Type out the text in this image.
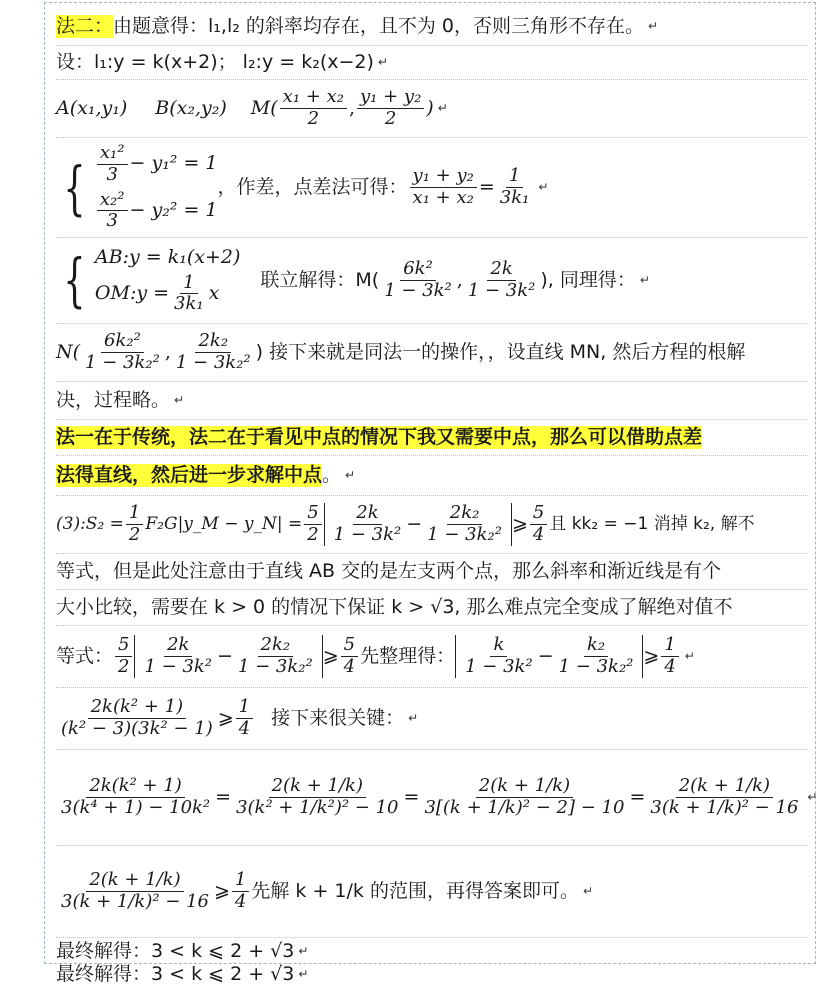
法二： 由题意得：l₁,l₂ 的斜率均存在，且不为 0，否则三角形不存在。 ↵
设：l₁:y = k(x+2)； l₂:y = k₂(x−2) ↵
A(x₁,y₁) B(x₂,y₂) $M( \frac{\text{x₁ + x₂}}{2}$ , $\frac{\text{y₁ + y₂}}{2}$ ) ↵
{ $\frac{\text{x₁²}}{3} - y_1^2 = 1$
$\frac{\text{x₂²}}{3} - y_2^2 = 1$
，作差，点差法可得： $\frac{\text{y₁ + y₂}}{\text{x₁ + x₂}} = \frac{1}{\text{3k₁}}$ ↵
{ AB:y = k₁(x+2)
OM:y = $\frac{1}{\text{3k₁}}$ x
联立解得：$M( \frac{\text{6k²}}{\text{1 − 3k²}}$ , $\frac{2k}{\text{1 − 3k²}}$ ), 同理得： ↵
$N( \frac{\text{6k₂²}}{\text{1 − 3k₂²}}$ , $\frac{\text{2k₂}}{\text{1 − 3k₂²}}$ ) 接下来就是同法一的操作，，设直线 MN, 然后方程的根解
决，过程略。 ↵
法一在于传统，法二在于看见中点的情况下我又需要中点，那么可以借助点差
法得直线，然后进一步求解中点 。 ↵
(3):S₂ = $\frac{1}{2}$ F₂G|y_M − y_N| = $\frac{5}{2} \frac{2k}{\text{1 − 3k²}} - \frac{\text{2k₂}}{\text{1 − 3k₂²}}$ ⩾ $\frac{5}{4}$ 且 kk₂ = −1 消掉 k₂, 解不
等式，但是此处注意由于直线 AB 交的是左支两个点，那么斜率和渐近线是有个
大小比较，需要在 k > 0 的情况下保证 k > √3, 那么难点完全变成了解绝对值不
等式： $\frac{5}{2} \frac{2k}{\text{1 − 3k²}} - \frac{\text{2k₂}}{\text{1 − 3k₂²}}$ ⩾ $\frac{5}{4}$ 先整理得： $\frac{k}{\text{1 − 3k²}} - \frac{\text{k₂}}{\text{1 − 3k₂²}}$ ⩾ $\frac{1}{4}$ ↵
$\frac{\text{2k(k² + 1)}}{\text{(k² − 3)(3k² − 1)}}$ ⩾ $\frac{1}{4}$ 接下来很关键： ↵
$\frac{\text{2k(k² + 1)}}{\text{3(k⁴ + 1) − 10k²}} = \frac{2(k + 1/k)}{\text{3(k² + 1/k²)² − 10}} = \frac{2(k + 1/k)}{\text{3[(k + 1/k)² − 2] − 10}} = \frac{2(k + 1/k)}{\text{3(k + 1/k)² − 16}}$ ↵
$\frac{2(k + 1/k)}{\text{3(k + 1/k)² − 16}}$ ⩾ $\frac{1}{4}$ 先解 k + 1/k 的范围，再得答案即可。 ↵
最终解得：3 < k ⩽ 2 + √3 ↵
最终解得：3 < k ⩽ 2 + √3 ↵
